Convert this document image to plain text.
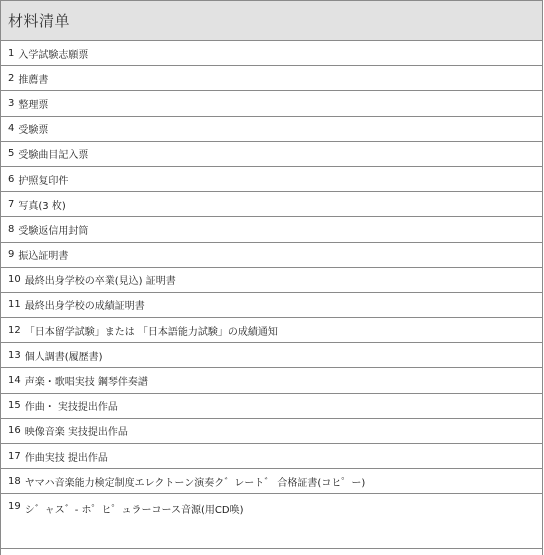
材料清单
1 入学試験志願票
2 推薦書
3 整理票
4 受験票
5 受験曲目記入票
6 护照复印件
7 写真(3 枚)
8 受験返信用封筒
9 振込証明書
10 最終出身学校の卒業(見込) 証明書
11 最終出身学校の成績証明書
12 「日本留学試験」または 「日本語能力試験」の成績通知
13 個人調書(履歴書)
14 声楽・歌唱実技 鋼琴伴奏譜
15 作曲・ 実技提出作品
16 映像音楽 実技提出作品
17 作曲実技 提出作品
18 ヤマハ音楽能力検定制度エレクトーン演奏ク゛レート゛ 合格証書(コヒ゜ー)
19 シ゛ャス゛- ホ゜ヒ゜ュラーコース音源(用CD唤)
